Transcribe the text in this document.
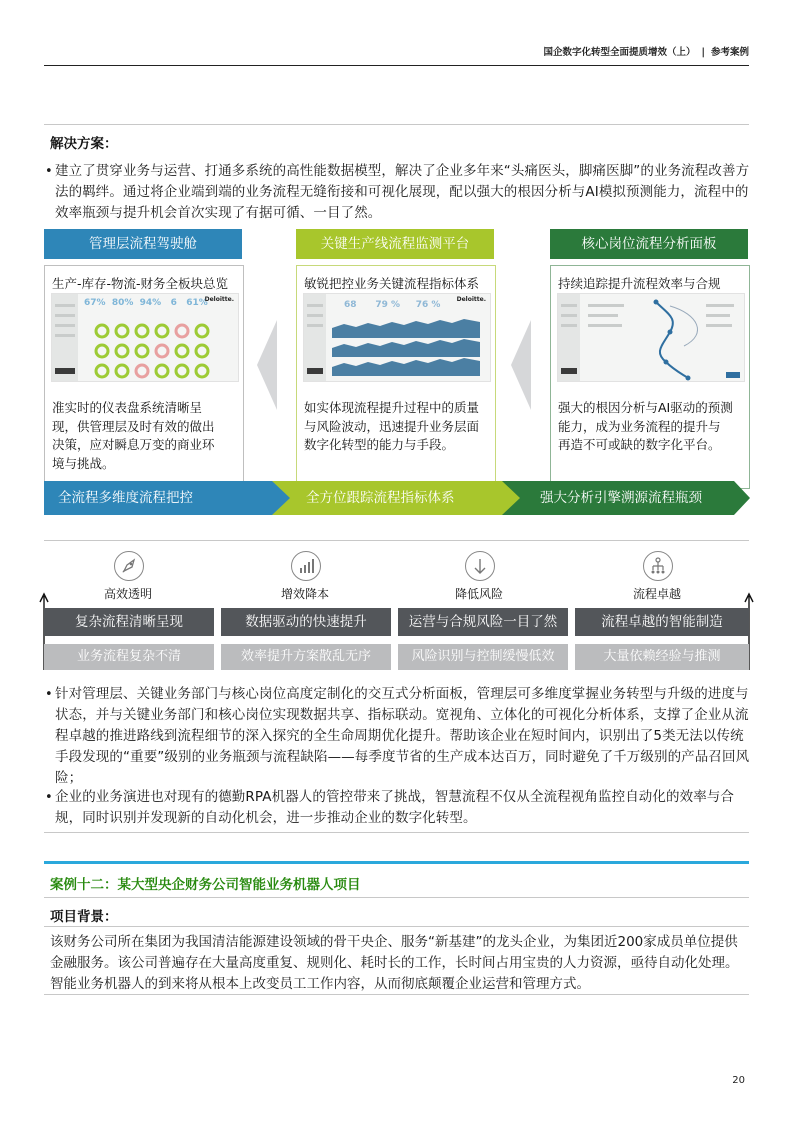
国企数字化转型全面提质增效（上） | 参考案例
解决方案：
• 建立了贯穿业务与运营、打通多系统的高性能数据模型，解决了企业多年来“头痛医头，脚痛医脚”的业务流程改善方法的羁绊。通过将企业端到端的业务流程无缝衔接和可视化展现，配以强大的根因分析与AI模拟预测能力，流程中的效率瓶颈与提升机会首次实现了有据可循、一目了然。
管理层流程驾驶舱	关键生产线流程监测平台	核心岗位流程分析面板
生产-库存-物流-财务全板块总览
67% 80% 94% 6 61%
Deloitte.
准实时的仪表盘系统清晰呈
现，供管理层及时有效的做出
决策，应对瞬息万变的商业环
境与挑战。
敏锐把控业务关键流程指标体系
68 79 % 76 %
Deloitte.
如实体现流程提升过程中的质量
与风险波动，迅速提升业务层面
数字化转型的能力与手段。
持续追踪提升流程效率与合规
强大的根因分析与AI驱动的预测
能力，成为业务流程的提升与
再造不可或缺的数字化平台。
全流程多维度流程把控	全方位跟踪流程指标体系	强大分析引擎溯源流程瓶颈
高效透明	增效降本	降低风险	流程卓越
复杂流程清晰呈现	数据驱动的快速提升	运营与合规风险一目了然	流程卓越的智能制造
业务流程复杂不清	效率提升方案散乱无序	风险识别与控制缓慢低效	大量依赖经验与推测
• 针对管理层、关键业务部门与核心岗位高度定制化的交互式分析面板，管理层可多维度掌握业务转型与升级的进度与状态，并与关键业务部门和核心岗位实现数据共享、指标联动。宽视角、立体化的可视化分析体系，支撑了企业从流程卓越的推进路线到流程细节的深入探究的全生命周期优化提升。帮助该企业在短时间内，识别出了5类无法以传统手段发现的“重要”级别的业务瓶颈与流程缺陷——每季度节省的生产成本达百万，同时避免了千万级别的产品召回风险；
• 企业的业务演进也对现有的德勤RPA机器人的管控带来了挑战，智慧流程不仅从全流程视角监控自动化的效率与合规，同时识别并发现新的自动化机会，进一步推动企业的数字化转型。
案例十二：某大型央企财务公司智能业务机器人项目
项目背景：
该财务公司所在集团为我国清洁能源建设领域的骨干央企、服务“新基建”的龙头企业，为集团近200家成员单位提供金融服务。该公司普遍存在大量高度重复、规则化、耗时长的工作，长时间占用宝贵的人力资源，亟待自动化处理。智能业务机器人的到来将从根本上改变员工工作内容，从而彻底颠覆企业运营和管理方式。
20
